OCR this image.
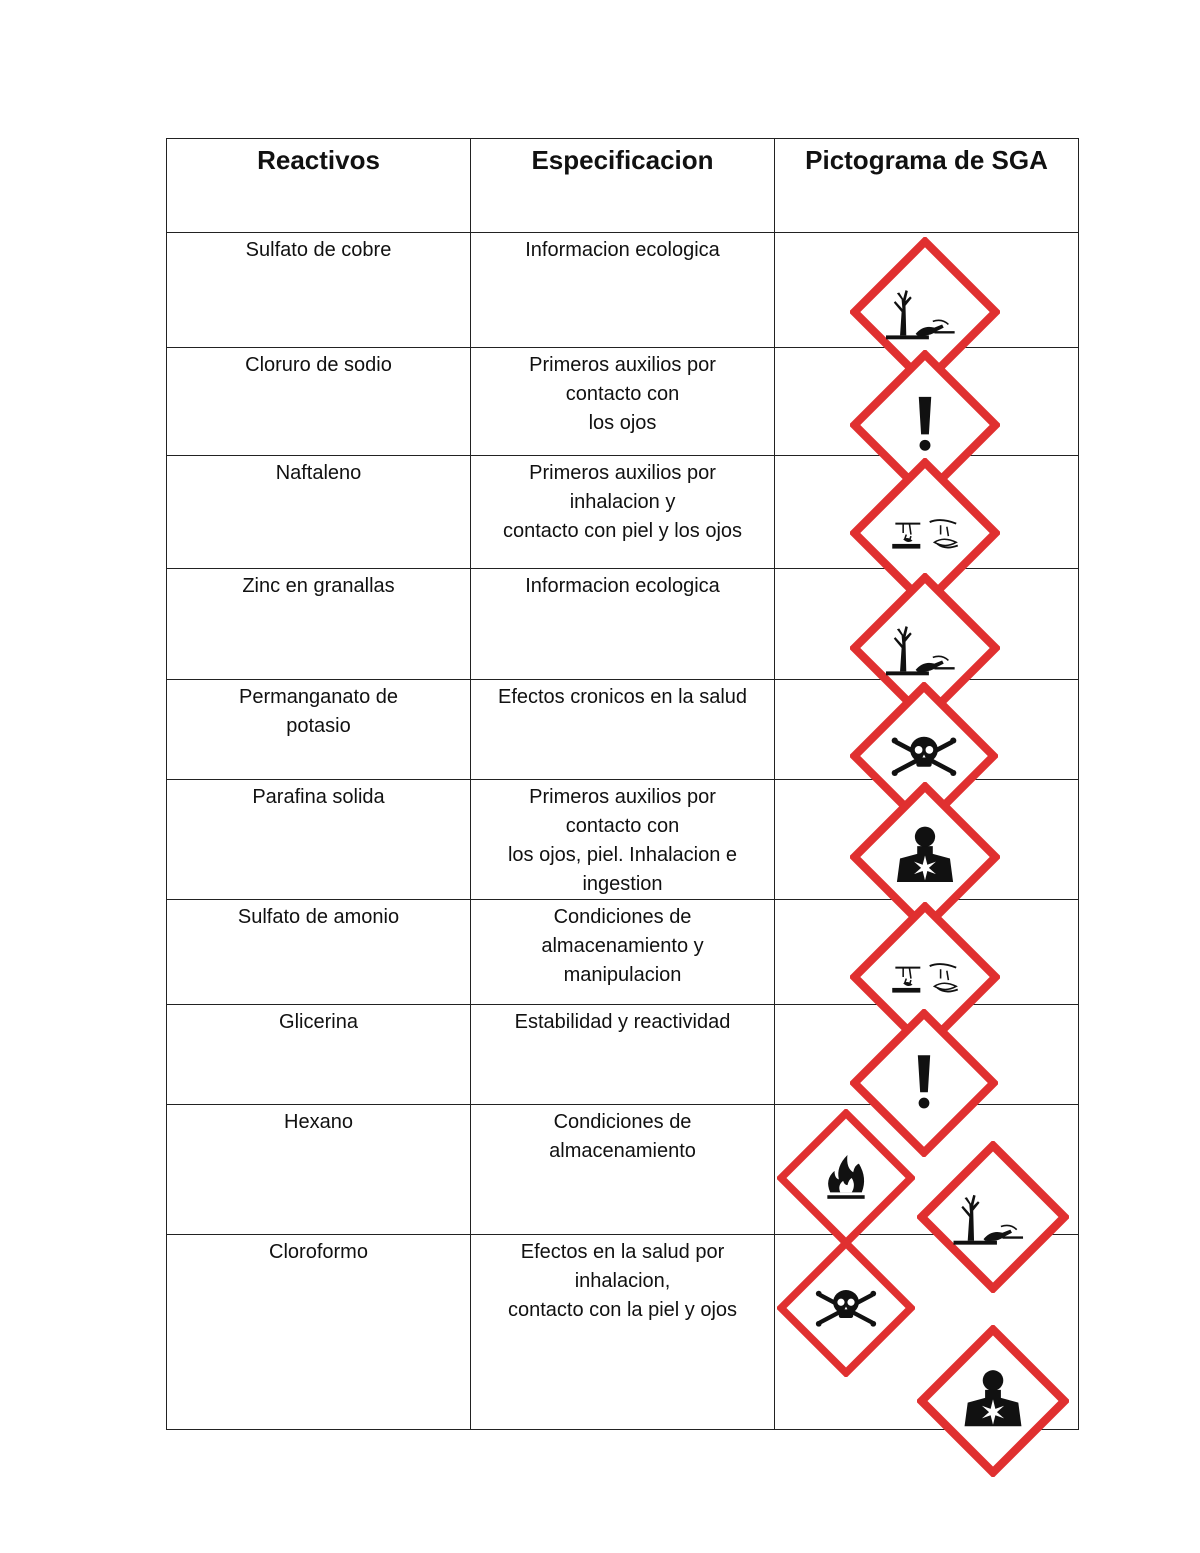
Reactivos	Especificacion	Pictograma de SGA

Sulfato de cobre	Informacion ecologica

Cloruro de sodio	Primeros auxilios por
contacto con
los ojos

Naftaleno	Primeros auxilios por
inhalacion y
contacto con piel y los ojos

Zinc en granallas	Informacion ecologica

Permanganato de
potasio	Efectos cronicos en la salud

Parafina solida	Primeros auxilios por
contacto con
los ojos, piel. Inhalacion e
ingestion

Sulfato de amonio	Condiciones de
almacenamiento y
manipulacion

Glicerina	Estabilidad y reactividad

Hexano	Condiciones de
almacenamiento

Cloroformo	Efectos en la salud por
inhalacion,
contacto con la piel y ojos
